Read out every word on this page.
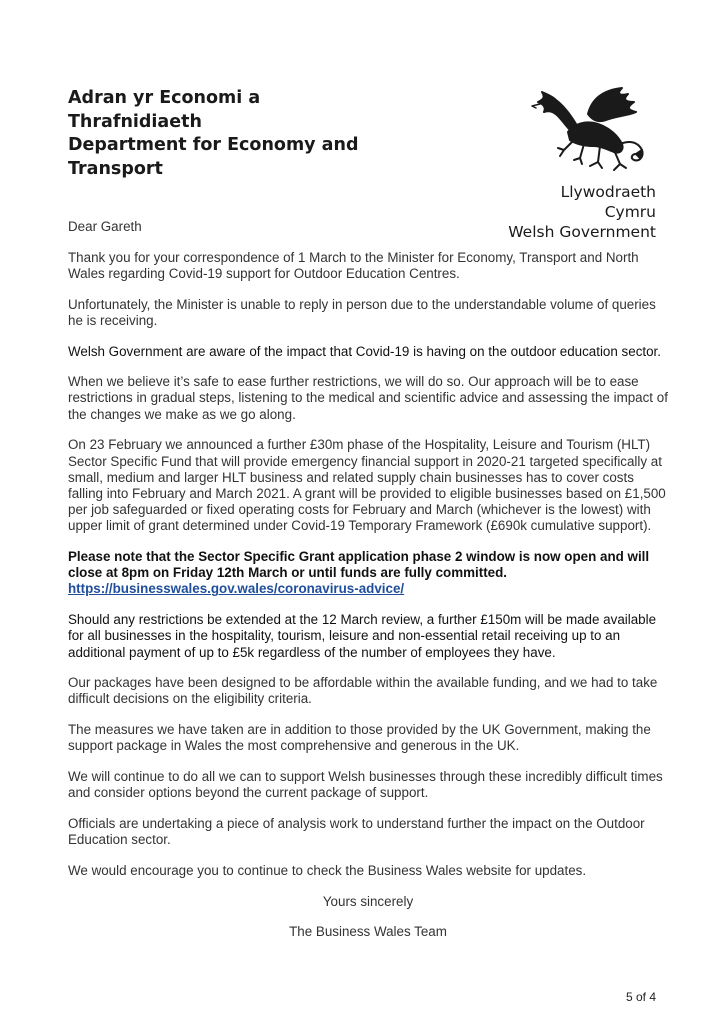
Adran yr Economi a
Thrafnidiaeth
Department for Economy and
Transport
Llywodraeth Cymru
Welsh Government

Dear Gareth

Thank you for your correspondence of 1 March to the Minister for Economy, Transport and North Wales regarding Covid-19 support for Outdoor Education Centres.

Unfortunately, the Minister is unable to reply in person due to the understandable volume of queries he is receiving.

Welsh Government are aware of the impact that Covid-19 is having on the outdoor education sector.

When we believe it’s safe to ease further restrictions, we will do so. Our approach will be to ease restrictions in gradual steps, listening to the medical and scientific advice and assessing the impact of the changes we make as we go along.

On 23 February we announced a further £30m phase of the Hospitality, Leisure and Tourism (HLT) Sector Specific Fund that will provide emergency financial support in 2020-21 targeted specifically at small, medium and larger HLT business and related supply chain businesses has to cover costs falling into February and March 2021. A grant will be provided to eligible businesses based on £1,500 per job safeguarded or fixed operating costs for February and March (whichever is the lowest) with upper limit of grant determined under Covid-19 Temporary Framework (£690k cumulative support).

Please note that the Sector Specific Grant application phase 2 window is now open and will close at 8pm on Friday 12th March or until funds are fully committed.
https://businesswales.gov.wales/coronavirus-advice/

Should any restrictions be extended at the 12 March review, a further £150m will be made available for all businesses in the hospitality, tourism, leisure and non-essential retail receiving up to an additional payment of up to £5k regardless of the number of employees they have.

Our packages have been designed to be affordable within the available funding, and we had to take difficult decisions on the eligibility criteria.

The measures we have taken are in addition to those provided by the UK Government, making the support package in Wales the most comprehensive and generous in the UK.

We will continue to do all we can to support Welsh businesses through these incredibly difficult times and consider options beyond the current package of support.

Officials are undertaking a piece of analysis work to understand further the impact on the Outdoor Education sector.

We would encourage you to continue to check the Business Wales website for updates.

Yours sincerely

The Business Wales Team

5 of 4
